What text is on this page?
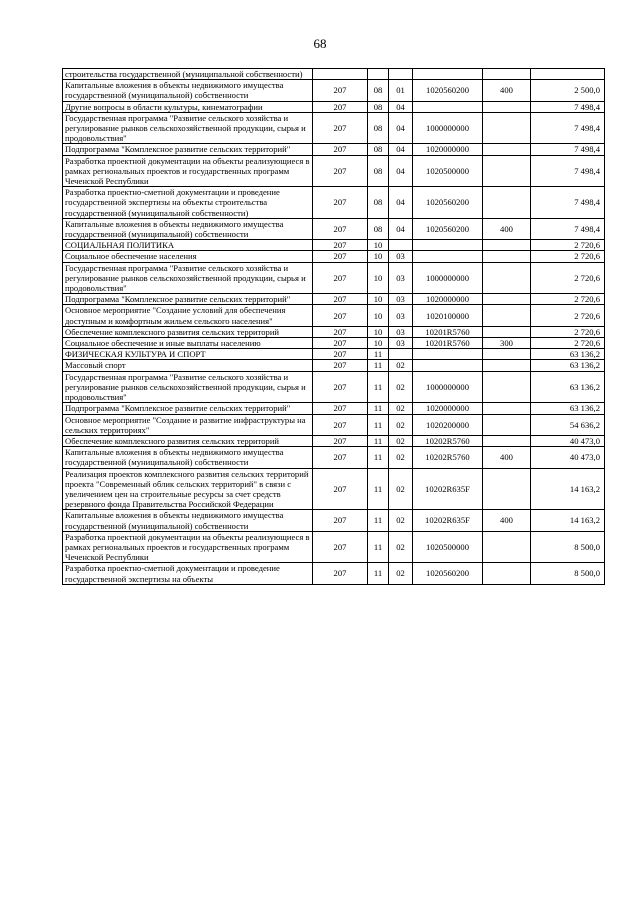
68
строительства государственной (муниципальной собственности)						
Капитальные вложения в объекты недвижимого имущества государственной (муниципальной) собственности	207	08	01	1020560200	400	2 500,0
Другие вопросы в области культуры, кинематографии	207	08	04			7 498,4
Государственная программа "Развитие сельского хозяйства и регулирование рынков сельскохозяйственной продукции, сырья и продовольствия"	207	08	04	1000000000		7 498,4
Подпрограмма "Комплексное развитие сельских территорий"	207	08	04	1020000000		7 498,4
Разработка проектной документации на объекты реализующиеся в рамках региональных проектов и государственных программ Чеченской Республики	207	08	04	1020500000		7 498,4
Разработка проектно-сметной документации и проведение государственной экспертизы на объекты строительства государственной (муниципальной собственности)	207	08	04	1020560200		7 498,4
Капитальные вложения в объекты недвижимого имущества государственной (муниципальной) собственности	207	08	04	1020560200	400	7 498,4
СОЦИАЛЬНАЯ ПОЛИТИКА	207	10				2 720,6
Социальное обеспечение населения	207	10	03			2 720,6
Государственная программа "Развитие сельского хозяйства и регулирование рынков сельскохозяйственной продукции, сырья и продовольствия"	207	10	03	1000000000		2 720,6
Подпрограмма "Комплексное развитие сельских территорий"	207	10	03	1020000000		2 720,6
Основное мероприятие "Создание условий для обеспечения доступным и комфортным жильем сельского населения"	207	10	03	1020100000		2 720,6
Обеспечение комплексного развития сельских территорий	207	10	03	10201R5760		2 720,6
Социальное обеспечение и иные выплаты населению	207	10	03	10201R5760	300	2 720,6
ФИЗИЧЕСКАЯ КУЛЬТУРА И СПОРТ	207	11				63 136,2
Массовый спорт	207	11	02			63 136,2
Государственная программа "Развитие сельского хозяйства и регулирование рынков сельскохозяйственной продукции, сырья и продовольствия"	207	11	02	1000000000		63 136,2
Подпрограмма "Комплексное развитие сельских территорий"	207	11	02	1020000000		63 136,2
Основное мероприятие "Создание и развитие инфраструктуры на сельских территориях"	207	11	02	1020200000		54 636,2
Обеспечение комплексного развития сельских территорий	207	11	02	10202R5760		40 473,0
Капитальные вложения в объекты недвижимого имущества государственной (муниципальной) собственности	207	11	02	10202R5760	400	40 473,0
Реализация проектов комплексного развития сельских территорий проекта "Современный облик сельских территорий" в связи с увеличением цен на строительные ресурсы за счет средств резервного фонда Правительства Российской Федерации	207	11	02	10202R635F		14 163,2
Капитальные вложения в объекты недвижимого имущества государственной (муниципальной) собственности	207	11	02	10202R635F	400	14 163,2
Разработка проектной документации на объекты реализующиеся в рамках региональных проектов и государственных программ Чеченской Республики	207	11	02	1020500000		8 500,0
Разработка проектно-сметной документации и проведение государственной экспертизы на объекты	207	11	02	1020560200		8 500,0
